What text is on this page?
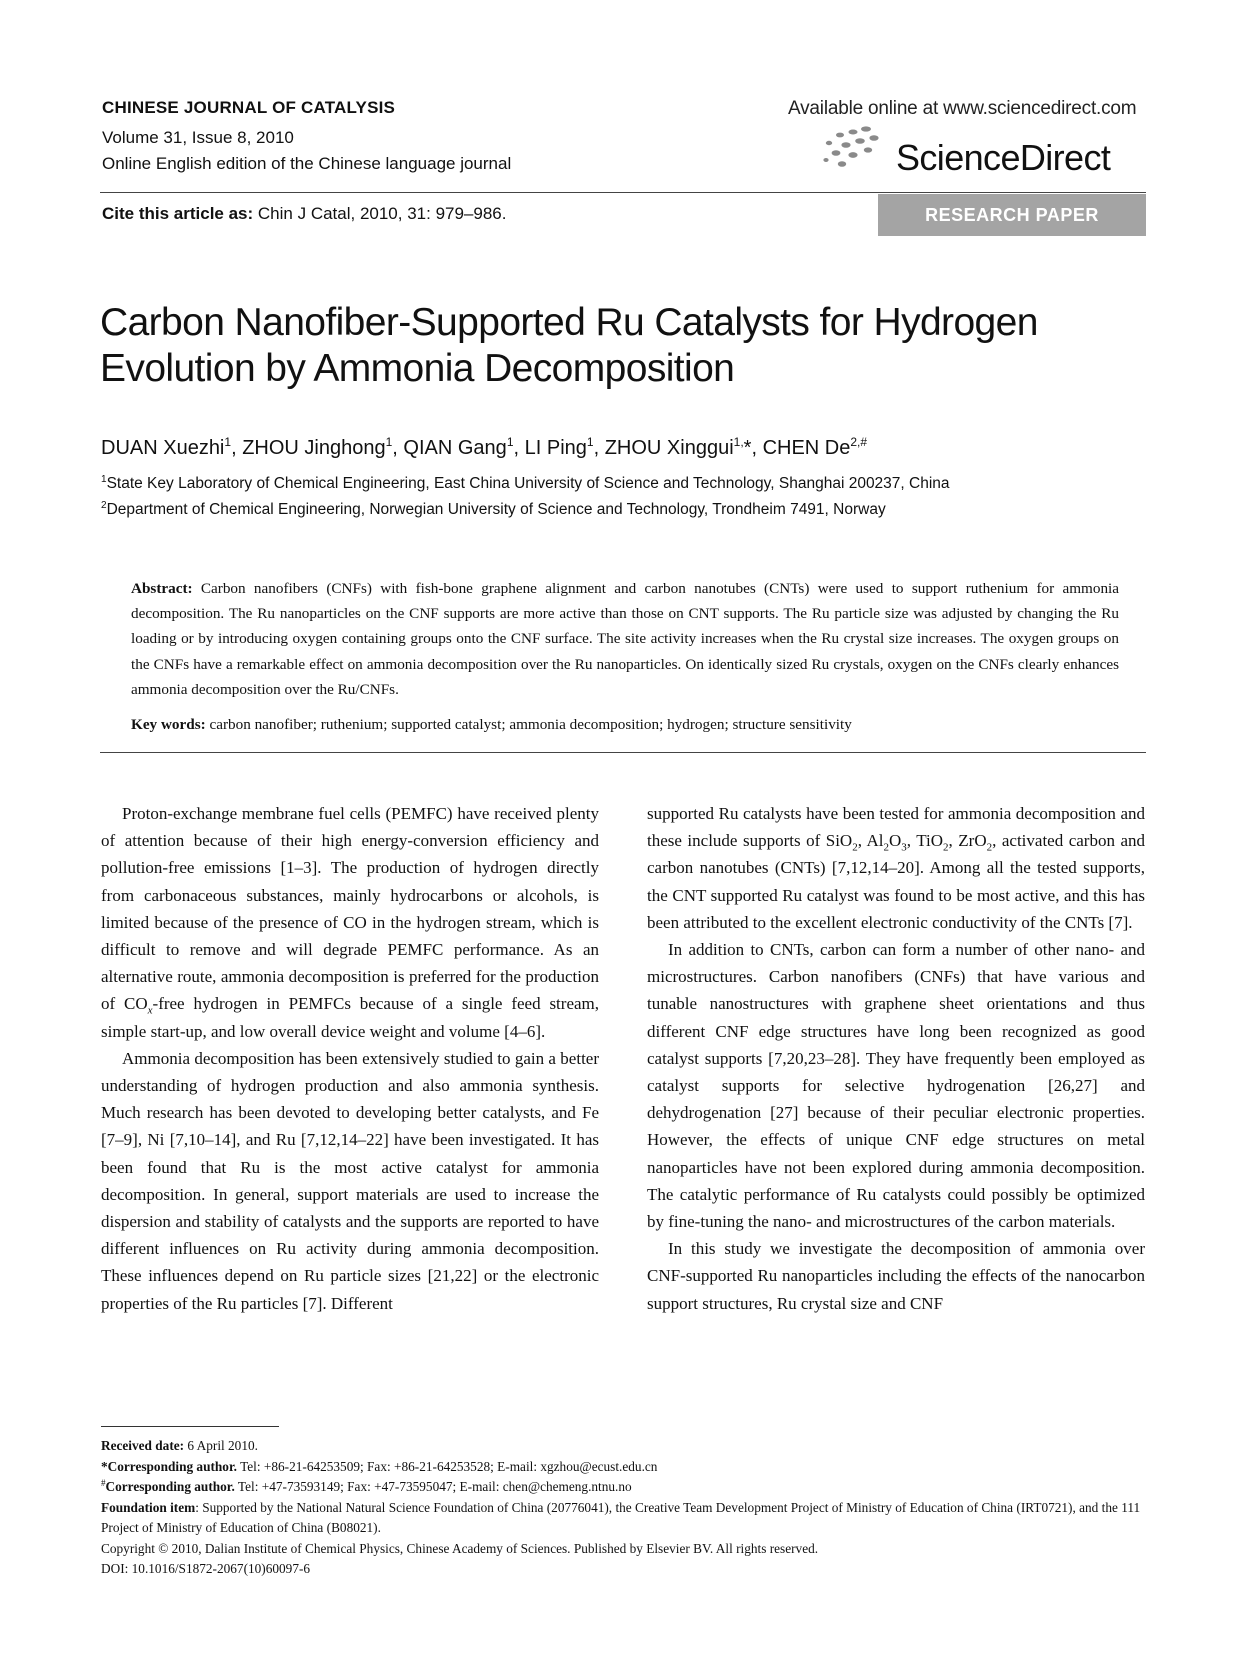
CHINESE JOURNAL OF CATALYSIS
Volume 31, Issue 8, 2010
Online English edition of the Chinese language journal
Available online at www.sciencedirect.com
ScienceDirect
Cite this article as: Chin J Catal, 2010, 31: 979–986.	RESEARCH PAPER
Carbon Nanofiber-Supported Ru Catalysts for Hydrogen
Evolution by Ammonia Decomposition
DUAN Xuezhi$^1$, ZHOU Jinghong$^1$, QIAN Gang$^1$, LI Ping$^1$, ZHOU Xinggui$^{1,}$*, CHEN $De^{2,\#}$
$^1$State Key Laboratory of Chemical Engineering, East China University of Science and Technology, Shanghai 200237, China
$^2$Department of Chemical Engineering, Norwegian University of Science and Technology, Trondheim 7491, Norway
Abstract: Carbon nanofibers (CNFs) with fish-bone graphene alignment and carbon nanotubes (CNTs) were used to support ruthenium for ammonia decomposition. The Ru nanoparticles on the CNF supports are more active than those on CNT supports. The Ru particle size was adjusted by changing the Ru loading or by introducing oxygen containing groups onto the CNF surface. The site activity increases when the Ru crystal size increases. The oxygen groups on the CNFs have a remarkable effect on ammonia decomposition over the Ru nanoparticles. On identically sized Ru crystals, oxygen on the CNFs clearly enhances ammonia decomposition over the Ru/CNFs.
Key words: carbon nanofiber; ruthenium; supported catalyst; ammonia decomposition; hydrogen; structure sensitivity

Proton-exchange membrane fuel cells (PEMFC) have received plenty of attention because of their high energy-conversion efficiency and pollution-free emissions [1–3]. The production of hydrogen directly from carbonaceous substances, mainly hydrocarbons or alcohols, is limited because of the presence of CO in the hydrogen stream, which is difficult to remove and will degrade PEMFC performance. As an alternative route, ammonia decomposition is preferred for the production of $CO_x$-free hydrogen in PEMFCs because of a single feed stream, simple start-up, and low overall device weight and volume [4–6].

Ammonia decomposition has been extensively studied to gain a better understanding of hydrogen production and also ammonia synthesis. Much research has been devoted to developing better catalysts, and Fe [7–9], Ni [7,10–14], and Ru [7,12,14–22] have been investigated. It has been found that Ru is the most active catalyst for ammonia decomposition. In general, support materials are used to increase the dispersion and stability of catalysts and the supports are reported to have different influences on Ru activity during ammonia decomposition. These influences depend on Ru particle sizes [21,22] or the electronic properties of the Ru particles [7]. Different

supported Ru catalysts have been tested for ammonia decomposition and these include supports of SiO$_2$, $Al_2O_3$, TiO$_2$, ZrO$_2$, activated carbon and carbon nanotubes (CNTs) [7,12,14–20]. Among all the tested supports, the CNT supported Ru catalyst was found to be most active, and this has been attributed to the excellent electronic conductivity of the CNTs [7].

In addition to CNTs, carbon can form a number of other nano- and microstructures. Carbon nanofibers (CNFs) that have various and tunable nanostructures with graphene sheet orientations and thus different CNF edge structures have long been recognized as good catalyst supports [7,20,23–28]. They have frequently been employed as catalyst supports for selective hydrogenation [26,27] and dehydrogenation [27] because of their peculiar electronic properties. However, the effects of unique CNF edge structures on metal nanoparticles have not been explored during ammonia decomposition. The catalytic performance of Ru catalysts could possibly be optimized by fine-tuning the nano- and microstructures of the carbon materials.

In this study we investigate the decomposition of ammonia over CNF-supported Ru nanoparticles including the effects of the nanocarbon support structures, Ru crystal size and CNF

Received date: 6 April 2010.

*Corresponding author. Tel: +86-21-64253509; Fax: +86-21-64253528; E-mail: xgzhou@ecust.edu.cn

#Corresponding author. Tel: +47-73593149; Fax: +47-73595047; E-mail: chen@chemeng.ntnu.no

Foundation item: Supported by the National Natural Science Foundation of China (20776041), the Creative Team Development Project of Ministry of Education of China (IRT0721), and the 111 Project of Ministry of Education of China (B08021).

Copyright © 2010, Dalian Institute of Chemical Physics, Chinese Academy of Sciences. Published by Elsevier BV. All rights reserved.

DOI: 10.1016/S1872-2067(10)60097-6
